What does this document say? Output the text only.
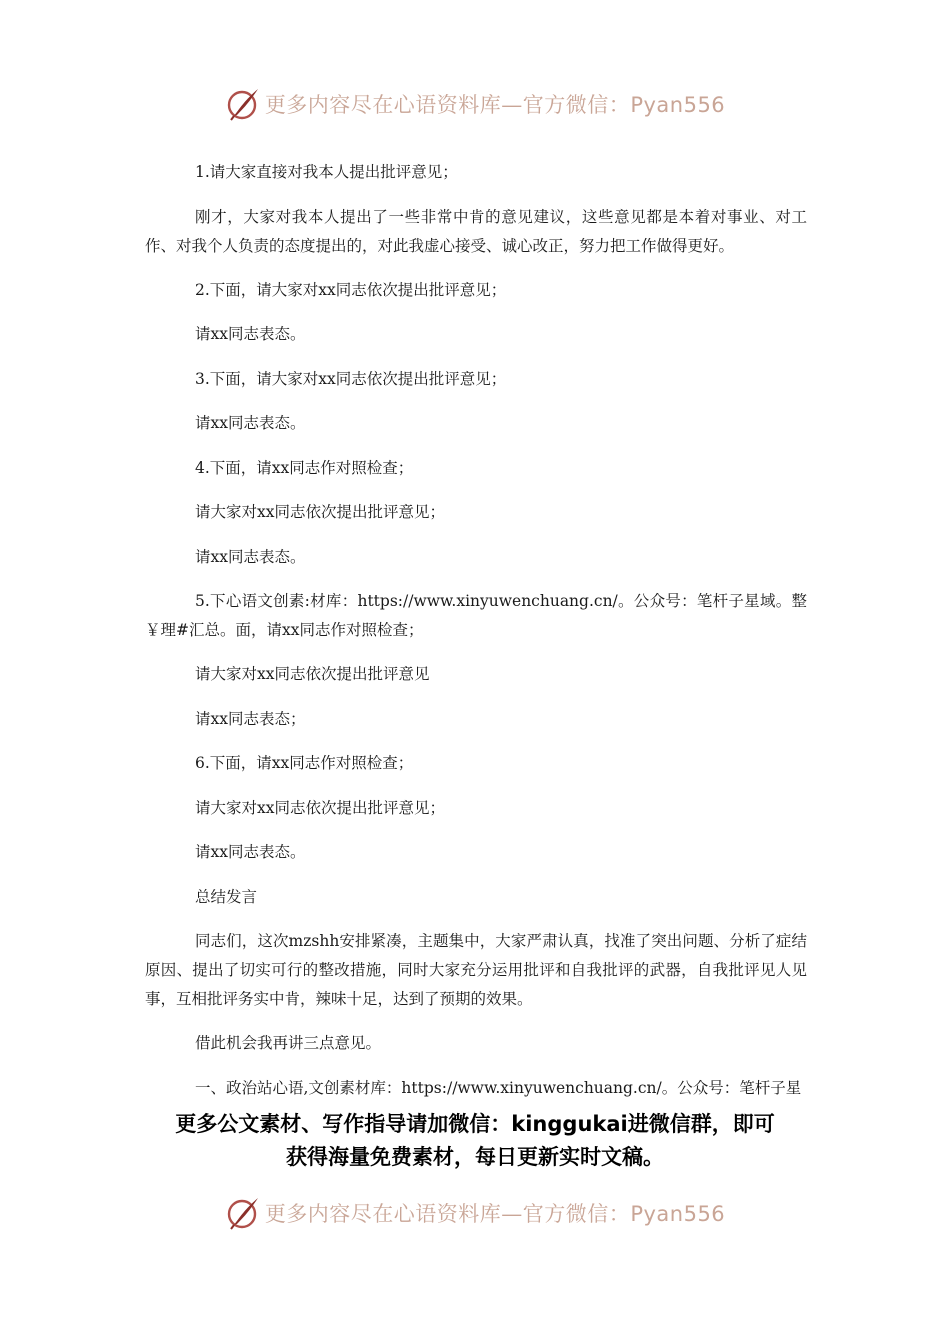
更多内容尽在心语资料库—官方微信：Pyan556

1.请大家直接对我本人提出批评意见；

刚才，大家对我本人提出了一些非常中肯的意见建议，这些意见都是本着对事业、对工作、对我个人负责的态度提出的，对此我虚心接受、诚心改正，努力把工作做得更好。

2.下面，请大家对xx同志依次提出批评意见；

请xx同志表态。

3.下面，请大家对xx同志依次提出批评意见；

请xx同志表态。

4.下面，请xx同志作对照检查；

请大家对xx同志依次提出批评意见；

请xx同志表态。

5.下心语文创素:材库：https://www.xinyuwenchuang.cn/。公众号：笔杆子星域。整￥理#汇总。面，请xx同志作对照检查；

请大家对xx同志依次提出批评意见

请xx同志表态；

6.下面，请xx同志作对照检查；

请大家对xx同志依次提出批评意见；

请xx同志表态。

总结发言

同志们，这次mzshh安排紧凑，主题集中，大家严肃认真，找准了突出问题、分析了症结原因、提出了切实可行的整改措施，同时大家充分运用批评和自我批评的武器，自我批评见人见事，互相批评务实中肯，辣味十足，达到了预期的效果。

借此机会我再讲三点意见。

一、政治站心语,文创素材库：https://www.xinyuwenchuang.cn/。公众号：笔杆子星

更多公文素材、写作指导请加微信：kinggukai进微信群，即可
获得海量免费素材，每日更新实时文稿。
更多内容尽在心语资料库—官方微信：Pyan556
